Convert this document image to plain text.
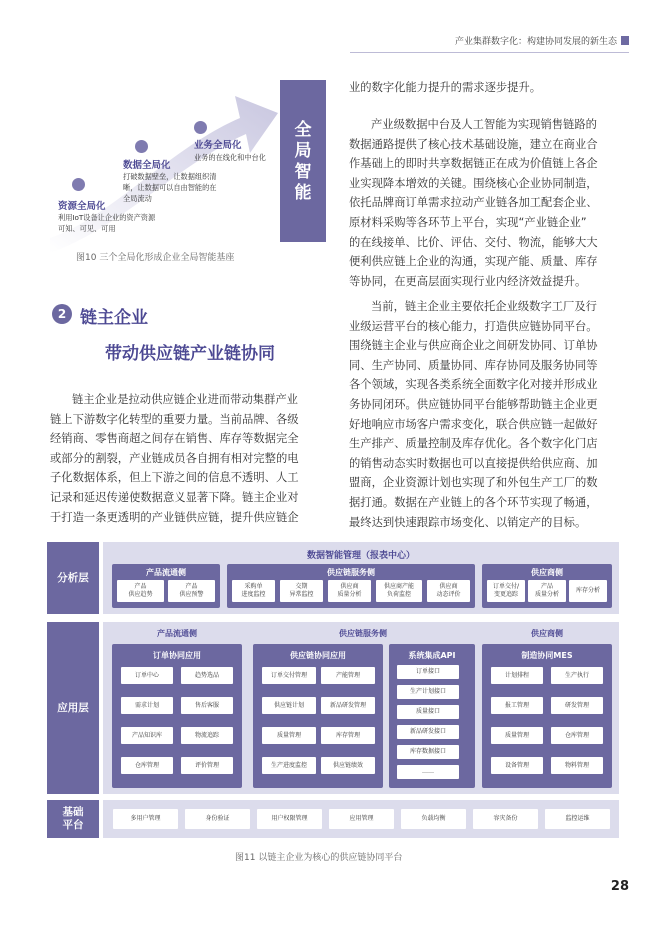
产业集群数字化：构建协同发展的新生态
资源全局化
利用IoT设备让企业的资产资源
可知、可见、可用
数据全局化
打破数据壁垒，让数据组织清
晰，让数据可以自由智能的在
全局流动
业务全局化
业务的在线化和中台化
全
局
智
能
图10 三个全局化形成企业全局智能基座
2 链主企业
带动供应链产业链协同
链主企业是拉动供应链企业进而带动集群产业
链上下游数字化转型的重要力量。当前品牌、各级
经销商、零售商超之间存在销售、库存等数据完全
或部分的割裂，产业链成员各自拥有相对完整的电
子化数据体系，但上下游之间的信息不透明、人工
记录和延迟传递使数据意义显著下降。链主企业对
于打造一条更透明的产业链供应链，提升供应链企
业的数字化能力提升的需求逐步提升。
产业级数据中台及人工智能为实现销售链路的
数据通路提供了核心技术基础设施，建立在商业合
作基础上的即时共享数据链正在成为价值链上各企
业实现降本增效的关键。围绕核心企业协同制造，
依托品牌商订单需求拉动产业链各加工配套企业、
原材料采购等各环节上平台，实现“产业链企业”
的在线接单、比价、评估、交付、物流，能够大大
便利供应链上企业的沟通，实现产能、质量、库存
等协同，在更高层面实现行业内经济效益提升。
当前，链主企业主要依托企业级数字工厂及行
业级运营平台的核心能力，打造供应链协同平台。
围绕链主企业与供应商企业之间研发协同、订单协
同、生产协同、质量协同、库存协同及服务协同等
各个领域，实现各类系统全面数字化对接并形成业
务协同闭环。供应链协同平台能够帮助链主企业更
好地响应市场客户需求变化，联合供应链一起做好
生产排产、质量控制及库存优化。各个数字化门店
的销售动态实时数据也可以直接提供给供应商、加
盟商，企业资源计划也实现了和外包生产工厂的数
据打通。数据在产业链上的各个环节实现了畅通，
最终达到快速跟踪市场变化、以销定产的目标。
分析层
数据智能管理（报表中心）
产品流通侧
产品
供应趋势
产品
供应预警
供应链服务侧
采购单
进度监控
交期
异常监控
供应商
质量分析
供应商产能
负荷监控
供应商
动态评价
供应商侧
订单交付/
变更追踪
产品
质量分析
库存分析
应用层
产品流通侧	供应链服务侧	供应商侧
订单协同应用
订单中心	趋势选品
需求计划	售后客服
产品知识库	物流追踪
仓库管理	评价管理
供应链协同应用
订单交付管理	产能管理
供应链计划	新品研发管理
质量管理	库存管理
生产进度监控	供应链绩效
系统集成API
订单接口
生产计划接口
质量接口
新品研发接口
库存数据接口
……
制造协同MES
计划排程	生产执行
报工管理	研发管理
质量管理	仓库管理
设备管理	物料管理
基础
平台
多用户管理	身份验证	用户权限管理	应用管理	负载均衡	容灾备份	监控运维
图11 以链主企业为核心的供应链协同平台
28
